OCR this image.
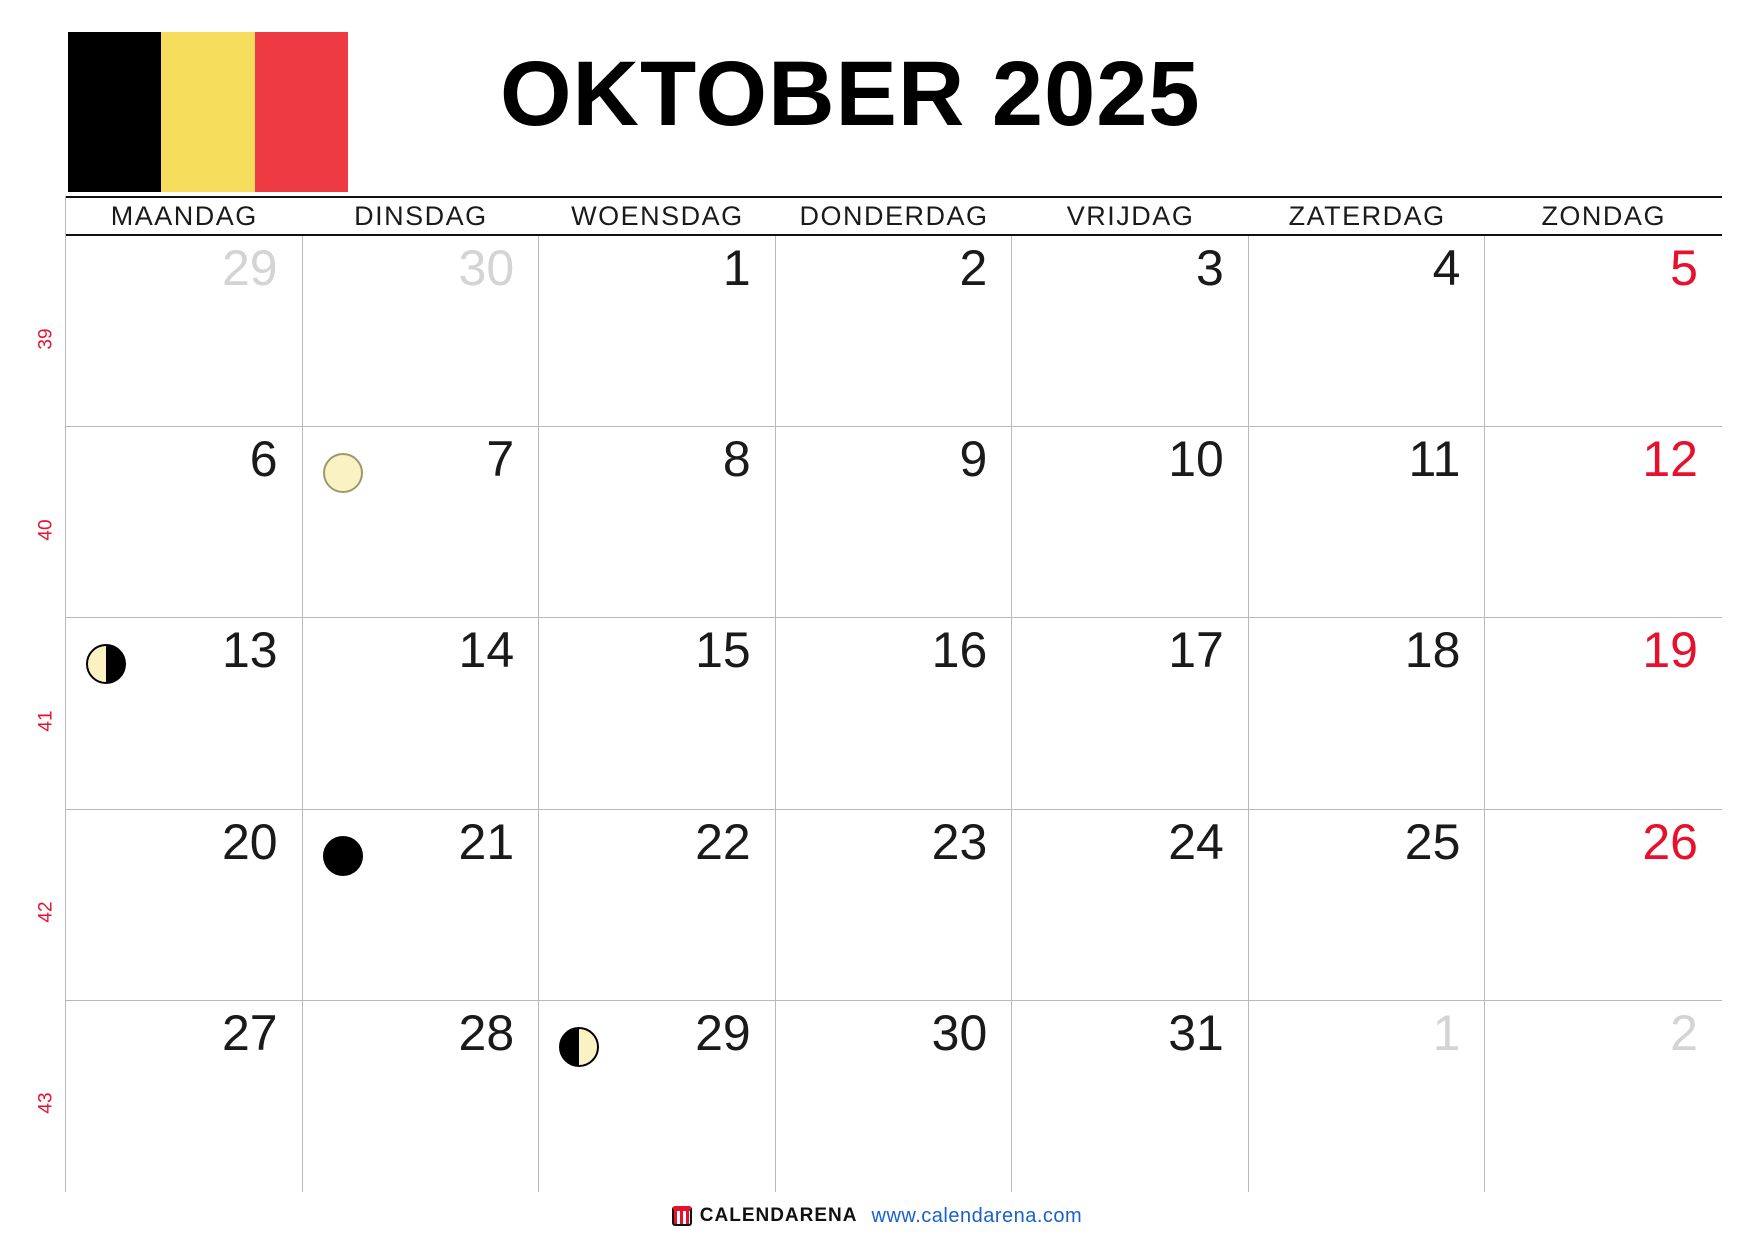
OKTOBER 2025
39
40
41
42
43
MAANDAG	DINSDAG	WOENSDAG	DONDERDAG	VRIJDAG	ZATERDAG	ZONDAG
29	30	1	2	3	4	5
6	7	8	9	10	11	12
13	14	15	16	17	18	19
20	21	22	23	24	25	26
27	28	29	30	31	1	2
CALENDARENA www.calendarena.com
